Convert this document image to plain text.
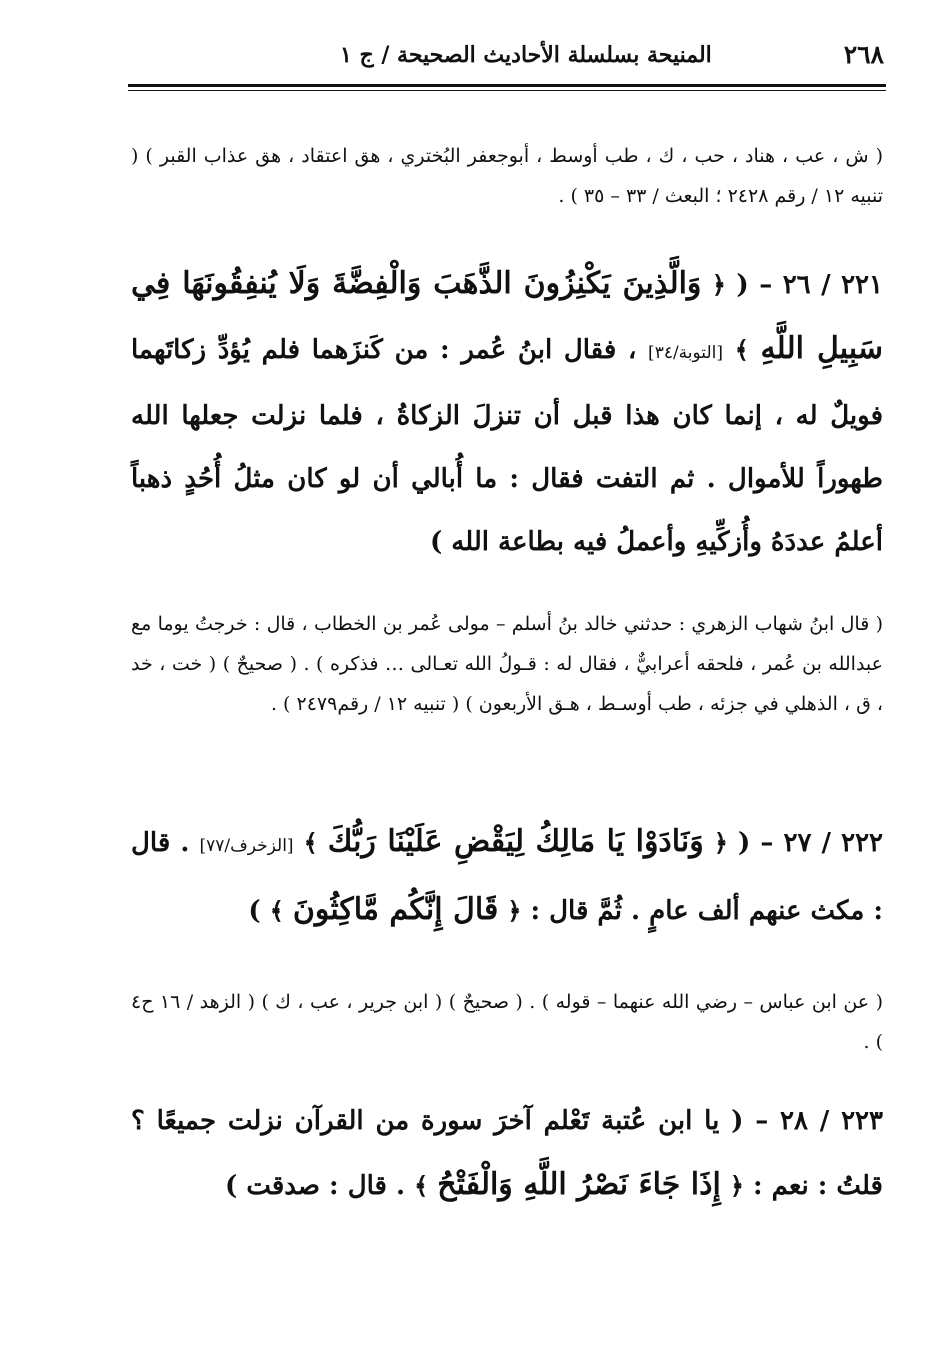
٢٦٨
المنيحة بسلسلة الأحاديث الصحيحة / ج ١
( ش ، عب ، هناد ، حب ، ك ، طب أوسط ، أبوجعفر البُختري ، هق اعتقاد ، هق عذاب القبر ) ( تنبيه ١٢ / رقم ٢٤٢٨ ؛ البعث / ٣٣ – ٣٥ ) .
٢٢١ / ٢٦ – ( ﴿ وَالَّذِينَ يَكْنِزُونَ الذَّهَبَ وَالْفِضَّةَ وَلَا يُنفِقُونَهَا فِي سَبِيلِ اللَّهِ ﴾ [التوبة/٣٤] ، فقال ابنُ عُمر : من كَنزَهما فلم يُؤدِّ زكاتَهما فويلٌ له ، إنما كان هذا قبل أن تنزلَ الزكاةُ ، فلما نزلت جعلها الله طهوراً للأموال . ثم التفت فقال : ما أُبالي أن لو كان مثلُ أُحُدٍ ذهباً أعلمُ عددَهُ وأُزكِّيهِ وأعملُ فيه بطاعة الله )
( قال ابنُ شهاب الزهري : حدثني خالد بنُ أسلم – مولى عُمر بن الخطاب ، قال : خرجتُ يوما مع عبدالله بن عُمر ، فلحقه أعرابيٌّ ، فقال له : قـولُ الله تعـالى … فذكره ) . ( صحيحٌ ) ( خت ، خد ، ق ، الذهلي في جزئه ، طب أوسـط ، هـق الأربعون ) ( تنبيه ١٢ / رقم٢٤٧٩ ) .
٢٢٢ / ٢٧ – ( ﴿ وَنَادَوْا يَا مَالِكُ لِيَقْضِ عَلَيْنَا رَبُّكَ ﴾ [الزخرف/٧٧] . قال : مكث عنهم ألف عامٍ . ثُمَّ قال : ﴿ قَالَ إِنَّكُم مَّاكِثُونَ ﴾ )
( عن ابن عباس – رضي الله عنهما – قوله ) . ( صحيحٌ ) ( ابن جرير ، عب ، ك ) ( الزهد / ١٦ ح٤ ) .
٢٢٣ / ٢٨ – ( يا ابن عُتبة تَعْلم آخرَ سورة من القرآن نزلت جميعًا ؟ قلتُ : نعم : ﴿ إِذَا جَاءَ نَصْرُ اللَّهِ وَالْفَتْحُ ﴾ . قال : صدقت )
